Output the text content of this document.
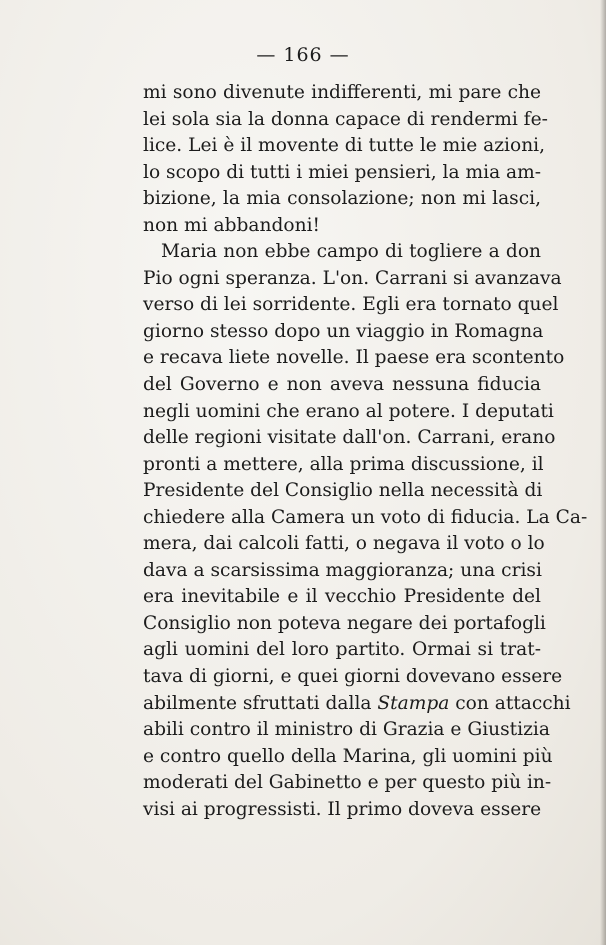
— 166 —
mi sono divenute indifferenti, mi pare che
lei sola sia la donna capace di rendermi fe-
lice. Lei è il movente di tutte le mie azioni,
lo scopo di tutti i miei pensieri, la mia am-
bizione, la mia consolazione; non mi lasci,
non mi abbandoni!
Maria non ebbe campo di togliere a don
Pio ogni speranza. L'on. Carrani si avanzava
verso di lei sorridente. Egli era tornato quel
giorno stesso dopo un viaggio in Romagna
e recava liete novelle. Il paese era scontento
del Governo e non aveva nessuna fiducia
negli uomini che erano al potere. I deputati
delle regioni visitate dall'on. Carrani, erano
pronti a mettere, alla prima discussione, il
Presidente del Consiglio nella necessità di
chiedere alla Camera un voto di fiducia. La Ca-
mera, dai calcoli fatti, o negava il voto o lo
dava a scarsissima maggioranza; una crisi
era inevitabile e il vecchio Presidente del
Consiglio non poteva negare dei portafogli
agli uomini del loro partito. Ormai si trat-
tava di giorni, e quei giorni dovevano essere
abilmente sfruttati dalla Stampa con attacchi
abili contro il ministro di Grazia e Giustizia
e contro quello della Marina, gli uomini più
moderati del Gabinetto e per questo più in-
visi ai progressisti. Il primo doveva essere
